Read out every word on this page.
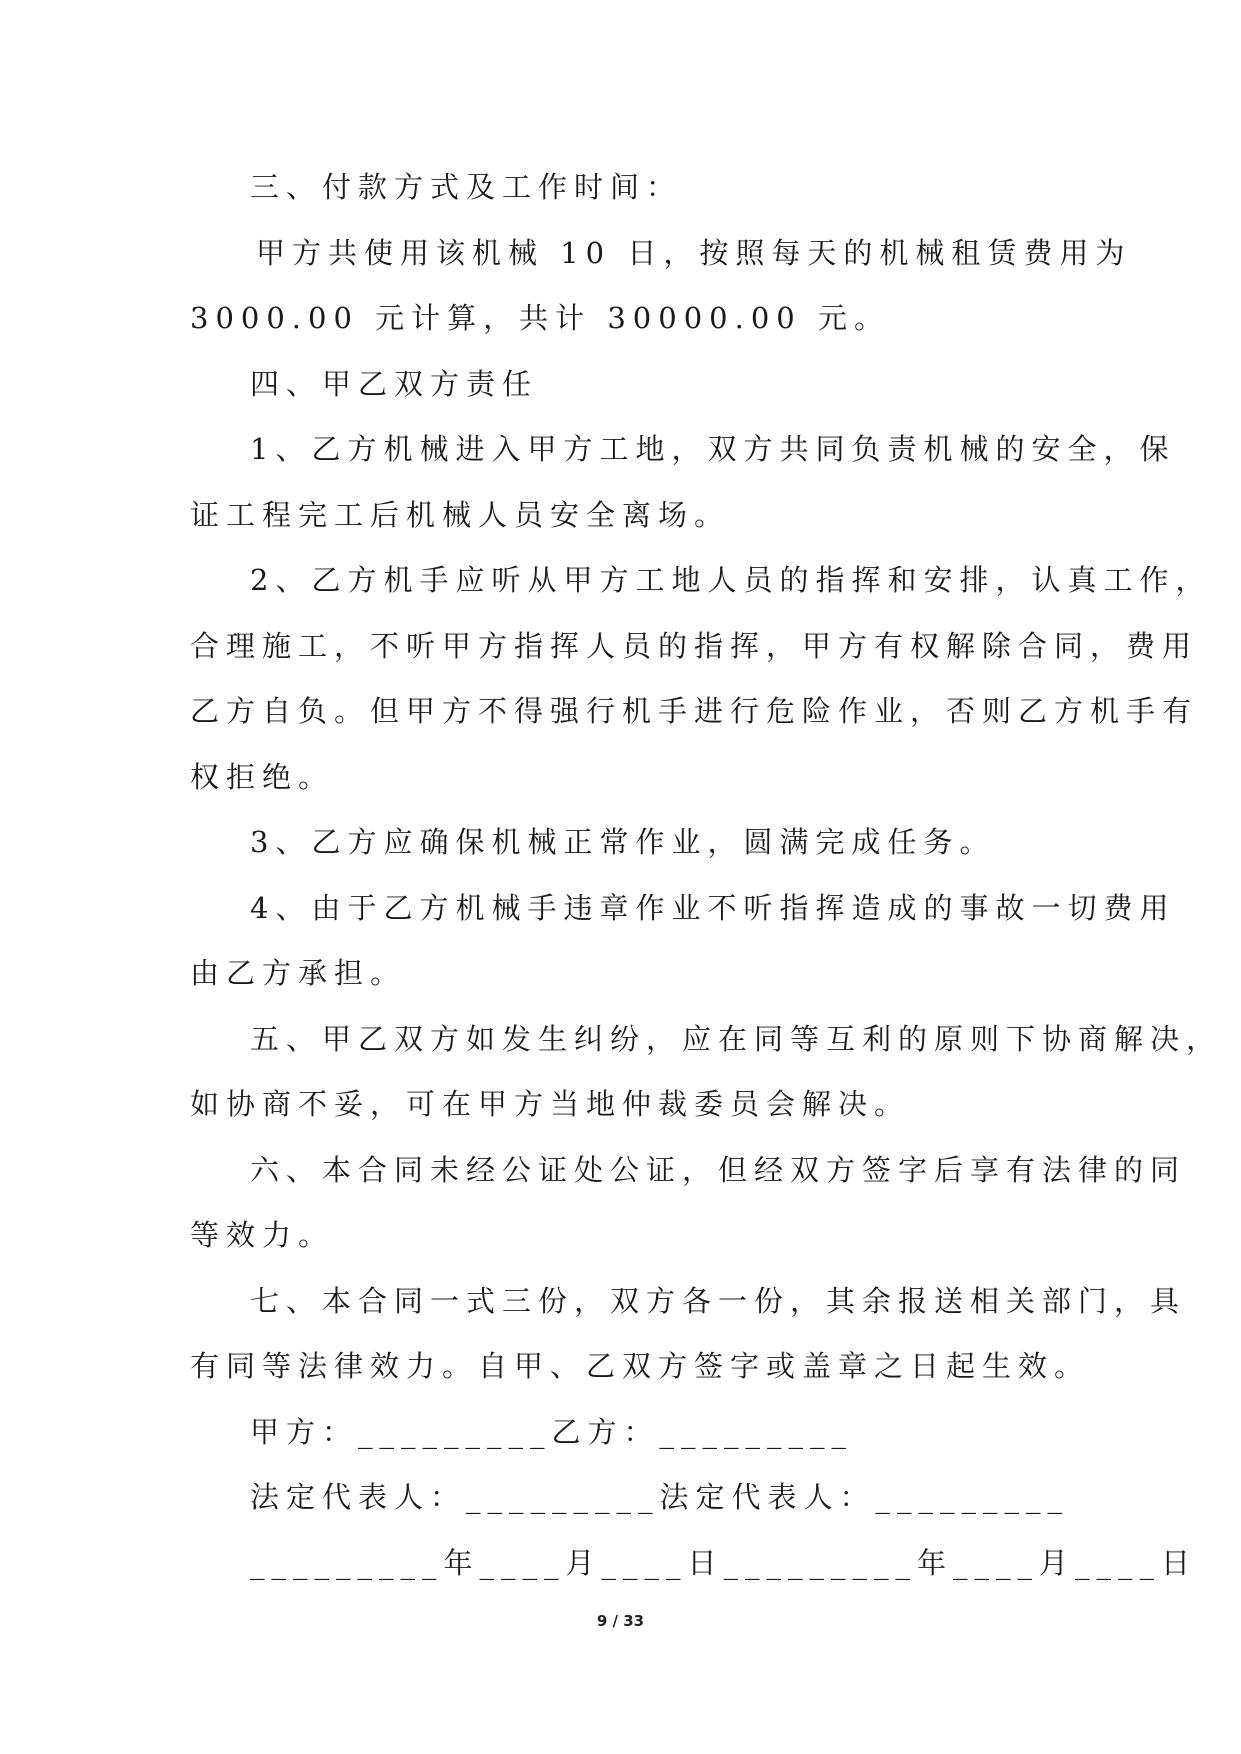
三、付款方式及工作时间：
甲方共使用该机械 10 日，按照每天的机械租赁费用为
3000.00 元计算，共计 30000.00 元。
四、甲乙双方责任
1、乙方机械进入甲方工地，双方共同负责机械的安全，保
证工程完工后机械人员安全离场。
2、乙方机手应听从甲方工地人员的指挥和安排，认真工作，
合理施工，不听甲方指挥人员的指挥，甲方有权解除合同，费用
乙方自负。但甲方不得强行机手进行危险作业，否则乙方机手有
权拒绝。
3、乙方应确保机械正常作业，圆满完成任务。
4、由于乙方机械手违章作业不听指挥造成的事故一切费用
由乙方承担。
五、甲乙双方如发生纠纷，应在同等互利的原则下协商解决，
如协商不妥，可在甲方当地仲裁委员会解决。
六、本合同未经公证处公证，但经双方签字后享有法律的同
等效力。
七、本合同一式三份，双方各一份，其余报送相关部门，具
有同等法律效力。自甲、乙双方签字或盖章之日起生效。
甲方：_________乙方：_________
法定代表人：_________法定代表人：_________
_________年____月____日_________年____月____日
9 / 33
